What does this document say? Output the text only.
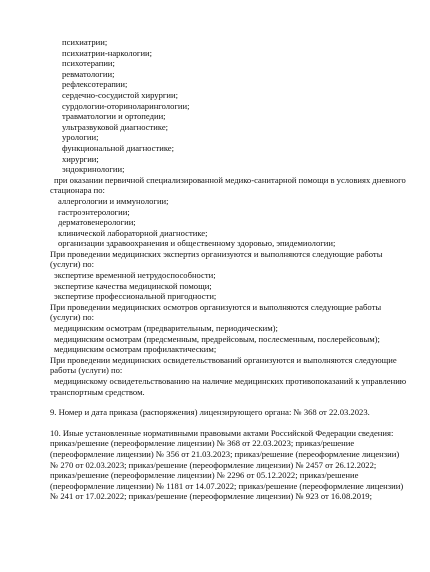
психиатрии;
психиатрии-наркологии;
психотерапии;
ревматологии;
рефлексотерапии;
сердечно-сосудистой хирургии;
сурдологии-оториноларингологии;
травматологии и ортопедии;
ультразвуковой диагностике;
урологии;
функциональной диагностике;
хирургии;
эндокринологии;
при оказании первичной специализированной медико-санитарной помощи в условиях дневного
стационара по:
аллергологии и иммунологии;
гастроэнтерологии;
дерматовенерологии;
клинической лабораторной диагностике;
организации здравоохранения и общественному здоровью, эпидемиологии;
При проведении медицинских экспертиз организуются и выполняются следующие работы
(услуги) по:
экспертизе временной нетрудоспособности;
экспертизе качества медицинской помощи;
экспертизе профессиональной пригодности;
При проведении медицинских осмотров организуются и выполняются следующие работы
(услуги) по:
медицинским осмотрам (предварительным, периодическим);
медицинским осмотрам (предсменным, предрейсовым, послесменным, послерейсовым);
медицинским осмотрам профилактическим;
При проведении медицинских освидетельствований организуются и выполняются следующие
работы (услуги) по:
медицинскому освидетельствованию на наличие медицинских противопоказаний к управлению
транспортным средством.
9. Номер и дата приказа (распоряжения) лицензирующего органа: № 368 от 22.03.2023.
10. Иные установленные нормативными правовыми актами Российской Федерации сведения:
приказ/решение (переоформление лицензии) № 368 от 22.03.2023; приказ/решение
(переоформление лицензии) № 356 от 21.03.2023; приказ/решение (переоформление лицензии)
№ 270 от 02.03.2023; приказ/решение (переоформление лицензии) № 2457 от 26.12.2022;
приказ/решение (переоформление лицензии) № 2296 от 05.12.2022; приказ/решение
(переоформление лицензии) № 1181 от 14.07.2022; приказ/решение (переоформление лицензии)
№ 241 от 17.02.2022; приказ/решение (переоформление лицензии) № 923 от 16.08.2019;
